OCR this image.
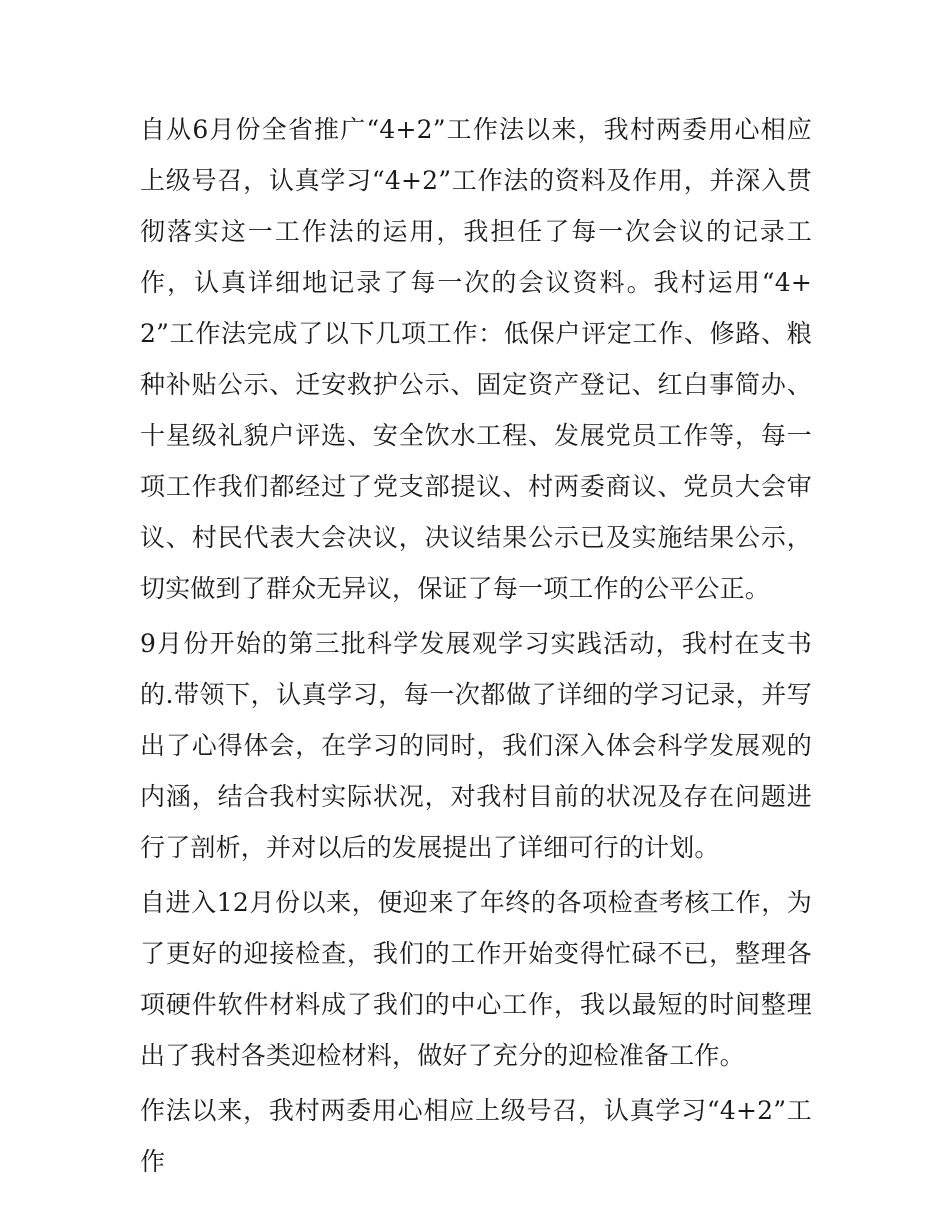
自从6月份全省推广“4+2”工作法以来，我村两委用心相应上级号召，认真学习“4+2”工作法的资料及作用，并深入贯彻落实这一工作法的运用，我担任了每一次会议的记录工作，认真详细地记录了每一次的会议资料。我村运用“4+2”工作法完成了以下几项工作：低保户评定工作、修路、粮种补贴公示、迁安救护公示、固定资产登记、红白事简办、十星级礼貌户评选、安全饮水工程、发展党员工作等，每一项工作我们都经过了党支部提议、村两委商议、党员大会审议、村民代表大会决议，决议结果公示已及实施结果公示，切实做到了群众无异议，保证了每一项工作的公平公正。

9月份开始的第三批科学发展观学习实践活动，我村在支书的.带领下，认真学习，每一次都做了详细的学习记录，并写出了心得体会，在学习的同时，我们深入体会科学发展观的内涵，结合我村实际状况，对我村目前的状况及存在问题进行了剖析，并对以后的发展提出了详细可行的计划。

自进入12月份以来，便迎来了年终的各项检查考核工作，为了更好的迎接检查，我们的工作开始变得忙碌不已，整理各项硬件软件材料成了我们的中心工作，我以最短的时间整理出了我村各类迎检材料，做好了充分的迎检准备工作。

作法以来，我村两委用心相应上级号召，认真学习“4+2”工作
